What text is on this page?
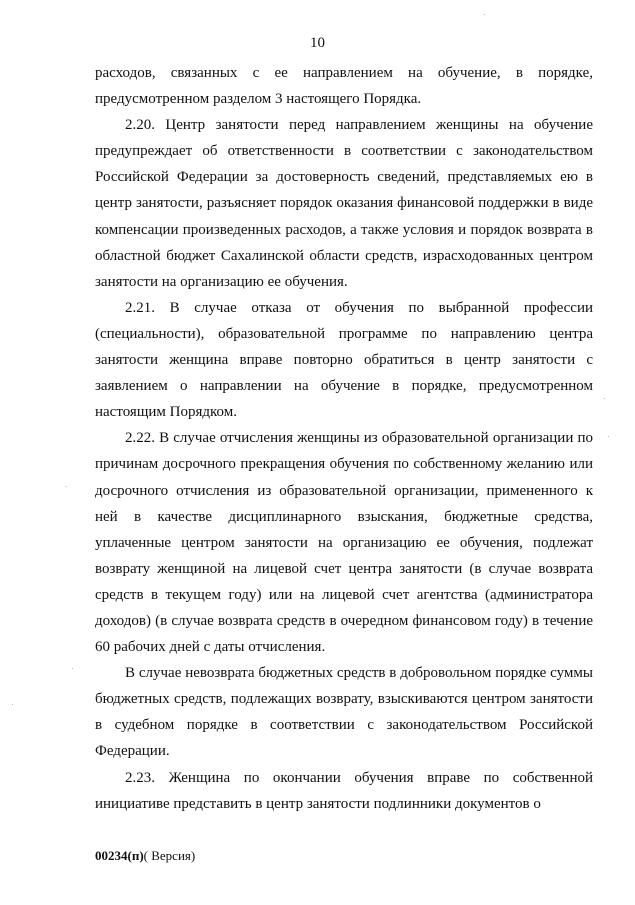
10

расходов, связанных с ее направлением на обучение, в порядке, предусмотренном разделом 3 настоящего Порядка.

2.20. Центр занятости перед направлением женщины на обучение предупреждает об ответственности в соответствии с законодательством Российской Федерации за достоверность сведений, представляемых ею в центр занятости, разъясняет порядок оказания финансовой поддержки в виде компенсации произведенных расходов, а также условия и порядок возврата в областной бюджет Сахалинской области средств, израсходованных центром занятости на организацию ее обучения.

2.21. В случае отказа от обучения по выбранной профессии (специальности), образовательной программе по направлению центра занятости женщина вправе повторно обратиться в центр занятости с заявлением о направлении на обучение в порядке, предусмотренном настоящим Порядком.

2.22. В случае отчисления женщины из образовательной организации по причинам досрочного прекращения обучения по собственному желанию или досрочного отчисления из образовательной организации, примененного к ней в качестве дисциплинарного взыскания, бюджетные средства, уплаченные центром занятости на организацию ее обучения, подлежат возврату женщиной на лицевой счет центра занятости (в случае возврата средств в текущем году) или на лицевой счет агентства (администратора доходов) (в случае возврата средств в очередном финансовом году) в течение 60 рабочих дней с даты отчисления.

В случае невозврата бюджетных средств в добровольном порядке суммы бюджетных средств, подлежащих возврату, взыскиваются центром занятости в судебном порядке в соответствии с законодательством Российской Федерации.

2.23. Женщина по окончании обучения вправе по собственной инициативе представить в центр занятости подлинники документов о

00234(п)( Версия)
